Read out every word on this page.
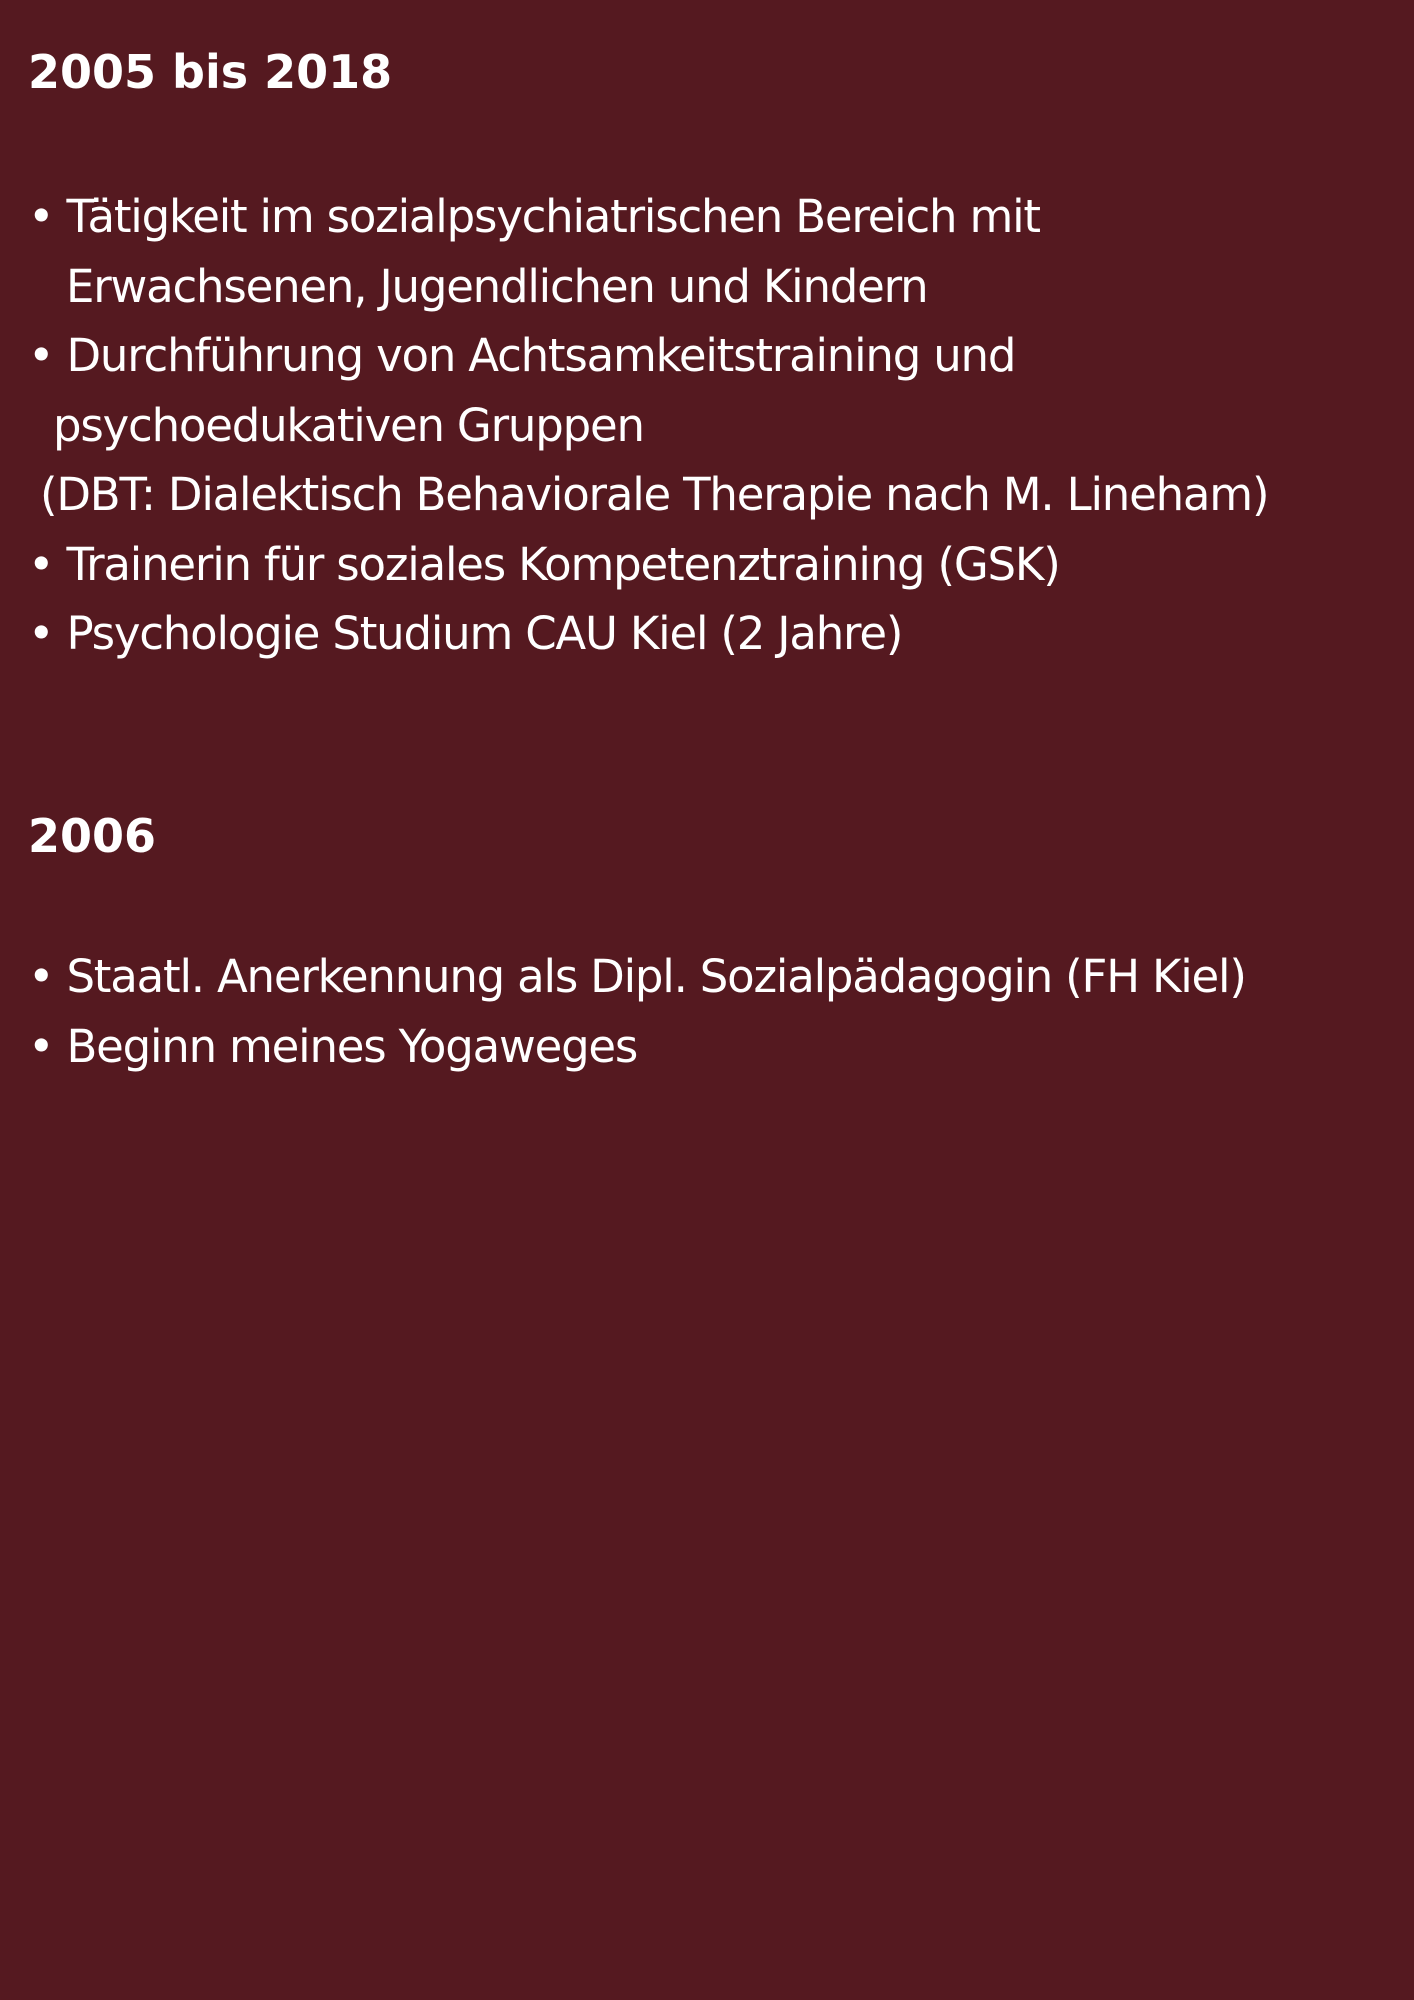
2005 bis 2018
• Tätigkeit im sozialpsychiatrischen Bereich mit
Erwachsenen, Jugendlichen und Kindern
• Durchführung von Achtsamkeitstraining und
psychoedukativen Gruppen
(DBT: Dialektisch Behaviorale Therapie nach M. Lineham)
• Trainerin für soziales Kompetenztraining (GSK)
• Psychologie Studium CAU Kiel (2 Jahre)
2006
• Staatl. Anerkennung als Dipl. Sozialpädagogin (FH Kiel)
• Beginn meines Yogaweges
